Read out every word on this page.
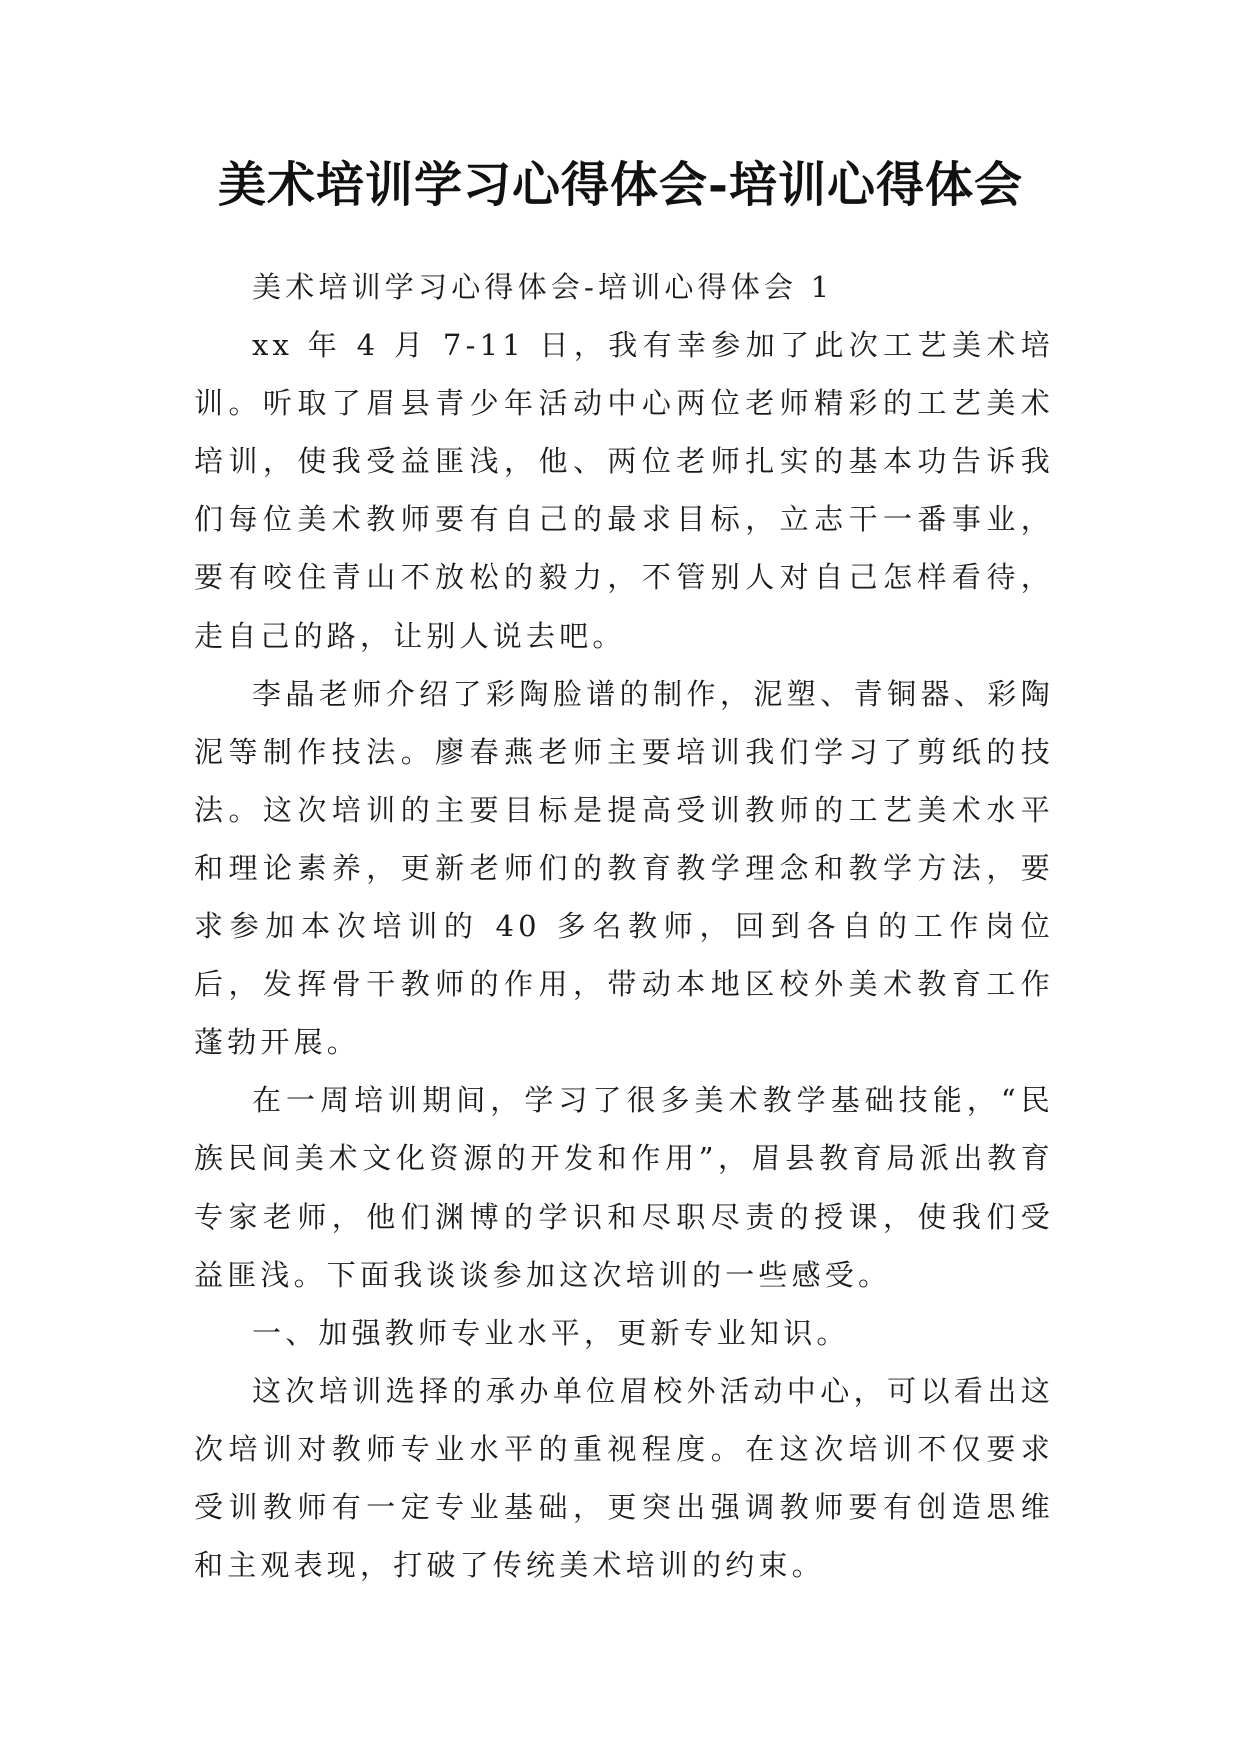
美术培训学习心得体会-培训心得体会

美术培训学习心得体会-培训心得体会 1

xx 年 4 月 7-11 日，我有幸参加了此次工艺美术培训。听取了眉县青少年活动中心两位老师精彩的工艺美术培训，使我受益匪浅，他、两位老师扎实的基本功告诉我们每位美术教师要有自己的最求目标，立志干一番事业，要有咬住青山不放松的毅力，不管别人对自己怎样看待，走自己的路，让别人说去吧。

李晶老师介绍了彩陶脸谱的制作，泥塑、青铜器、彩陶泥等制作技法。廖春燕老师主要培训我们学习了剪纸的技法。这次培训的主要目标是提高受训教师的工艺美术水平和理论素养，更新老师们的教育教学理念和教学方法，要求参加本次培训的 40 多名教师，回到各自的工作岗位后，发挥骨干教师的作用，带动本地区校外美术教育工作蓬勃开展。

在一周培训期间，学习了很多美术教学基础技能，“民族民间美术文化资源的开发和作用”，眉县教育局派出教育专家老师，他们渊博的学识和尽职尽责的授课，使我们受益匪浅。下面我谈谈参加这次培训的一些感受。

一、加强教师专业水平，更新专业知识。

这次培训选择的承办单位眉校外活动中心，可以看出这次培训对教师专业水平的重视程度。在这次培训不仅要求受训教师有一定专业基础，更突出强调教师要有创造思维和主观表现，打破了传统美术培训的约束。
